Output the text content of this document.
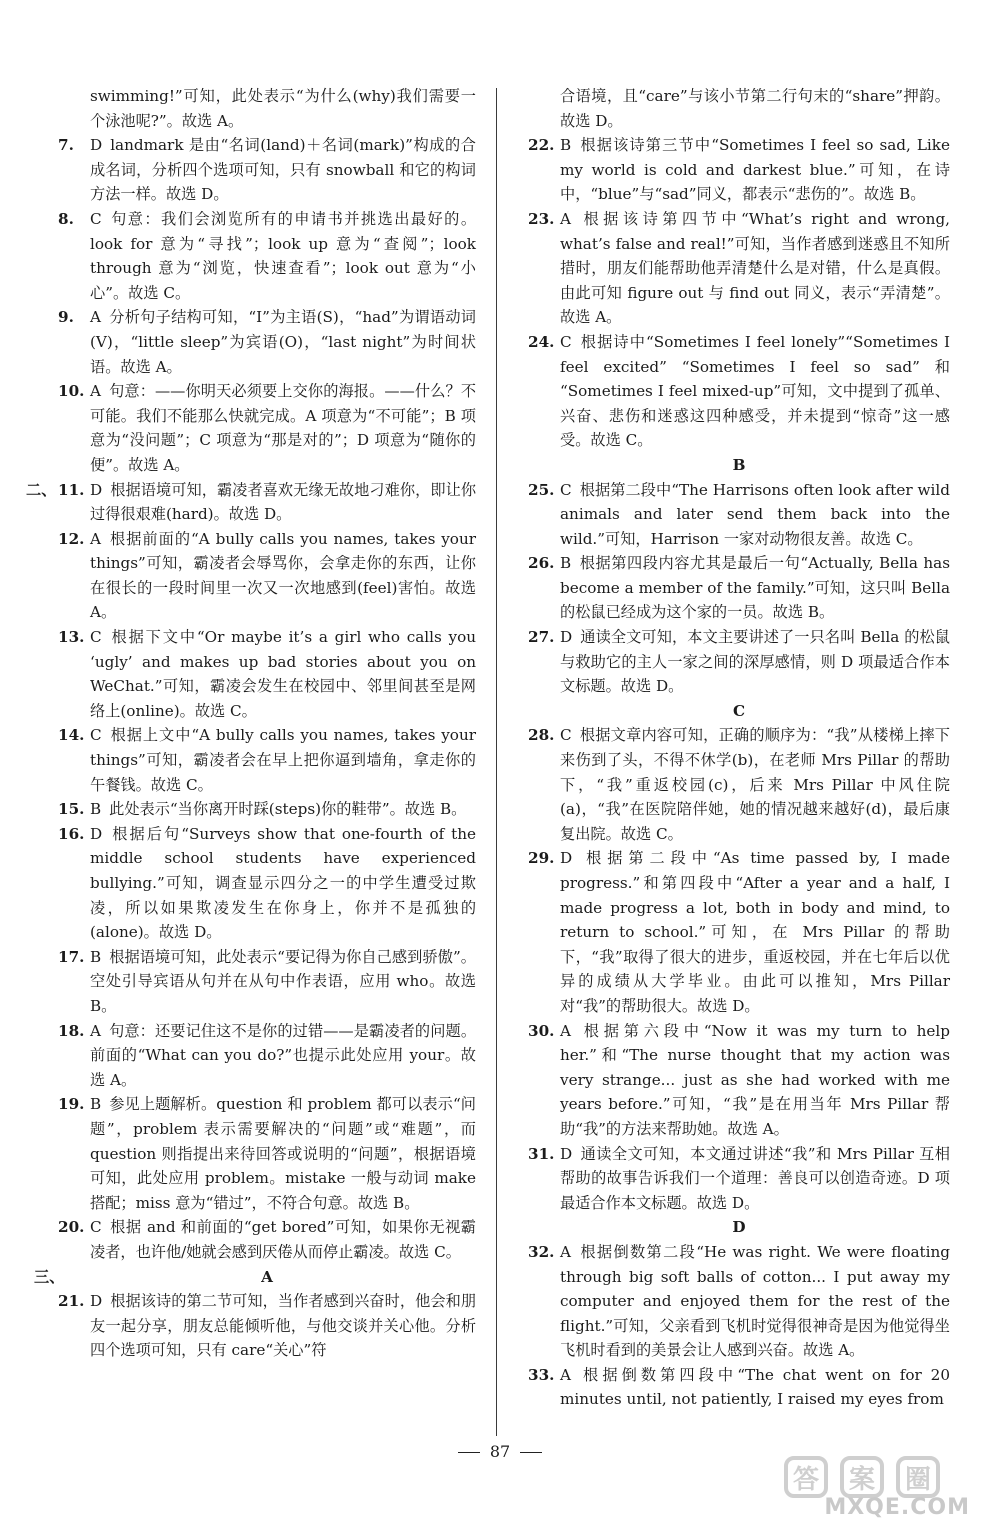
swimming!”可知，此处表示“为什么(why)我们需要一个泳池呢?”。故选 A。

7. D landmark 是由“名词(land)＋名词(mark)”构成的合成名词，分析四个选项可知，只有 snowball 和它的构词方法一样。故选 D。

8. C 句意：我们会浏览所有的申请书并挑选出最好的。look for 意为“寻找”；look up 意为“查阅”；look through 意为“浏览，快速查看”；look out 意为“小心”。故选 C。

9. A 分析句子结构可知，“I”为主语(S)，“had”为谓语动词(V)，“little sleep”为宾语(O)，“last night”为时间状语。故选 A。

10. A 句意：——你明天必须要上交你的海报。——什么？不可能。我们不能那么快就完成。A 项意为“不可能”；B 项意为“没问题”；C 项意为“那是对的”；D 项意为“随你的便”。故选 A。

二、 11. D 根据语境可知，霸凌者喜欢无缘无故地刁难你，即让你过得很艰难(hard)。故选 D。

12. A 根据前面的“A bully calls you names, takes your things”可知，霸凌者会辱骂你，会拿走你的东西，让你在很长的一段时间里一次又一次地感到(feel)害怕。故选 A。

13. C 根据下文中“Or maybe it’s a girl who calls you ‘ugly’ and makes up bad stories about you on WeChat.”可知，霸凌会发生在校园中、邻里间甚至是网络上(online)。故选 C。

14. C 根据上文中“A bully calls you names, takes your things”可知，霸凌者会在早上把你逼到墙角，拿走你的午餐钱。故选 C。

15. B 此处表示“当你离开时踩(steps)你的鞋带”。故选 B。

16. D 根据后句“Surveys show that one-fourth of the middle school students have experienced bullying.”可知，调查显示四分之一的中学生遭受过欺凌，所以如果欺凌发生在你身上，你并不是孤独的(alone)。故选 D。

17. B 根据语境可知，此处表示“要记得为你自己感到骄傲”。空处引导宾语从句并在从句中作表语，应用 who。故选 B。

18. A 句意：还要记住这不是你的过错——是霸凌者的问题。前面的“What can you do?”也提示此处应用 your。故选 A。

19. B 参见上题解析。question 和 problem 都可以表示“问题”，problem 表示需要解决的“问题”或“难题”，而 question 则指提出来待回答或说明的“问题”，根据语境可知，此处应用 problem。mistake 一般与动词 make 搭配；miss 意为“错过”，不符合句意。故选 B。

20. C 根据 and 和前面的“get bored”可知，如果你无视霸凌者，也许他/她就会感到厌倦从而停止霸凌。故选 C。

三、	A

21. D 根据该诗的第二节可知，当作者感到兴奋时，他会和朋友一起分享，朋友总能倾听他，与他交谈并关心他。分析四个选项可知，只有 care“关心”符

合语境，且“care”与该小节第二行句末的“share”押韵。故选 D。

22. B 根据该诗第三节中“Sometimes I feel so sad, Like my world is cold and darkest blue.”可知，在诗中，“blue”与“sad”同义，都表示“悲伤的”。故选 B。

23. A 根据该诗第四节中“What’s right and wrong, what’s false and real!”可知，当作者感到迷惑且不知所措时，朋友们能帮助他弄清楚什么是对错，什么是真假。由此可知 figure out 与 find out 同义，表示“弄清楚”。故选 A。

24. C 根据诗中“Sometimes I feel lonely”“Sometimes I feel excited” “Sometimes I feel so sad” 和 “Sometimes I feel mixed-up”可知，文中提到了孤单、兴奋、悲伤和迷惑这四种感受，并未提到“惊奇”这一感受。故选 C。

B

25. C 根据第二段中“The Harrisons often look after wild animals and later send them back into the wild.”可知，Harrison 一家对动物很友善。故选 C。

26. B 根据第四段内容尤其是最后一句“Actually, Bella has become a member of the family.”可知，这只叫 Bella 的松鼠已经成为这个家的一员。故选 B。

27. D 通读全文可知，本文主要讲述了一只名叫 Bella 的松鼠与救助它的主人一家之间的深厚感情，则 D 项最适合作本文标题。故选 D。

C

28. C 根据文章内容可知，正确的顺序为：“我”从楼梯上摔下来伤到了头，不得不休学(b)，在老师 Mrs Pillar 的帮助下，“我”重返校园(c)，后来 Mrs Pillar 中风住院(a)，“我”在医院陪伴她，她的情况越来越好(d)，最后康复出院。故选 C。

29. D 根据第二段中“As time passed by, I made progress.”和第四段中“After a year and a half, I made progress a lot, both in body and mind, to return to school.”可知，在 Mrs Pillar 的帮助下，“我”取得了很大的进步，重返校园，并在七年后以优异的成绩从大学毕业。由此可以推知，Mrs Pillar 对“我”的帮助很大。故选 D。

30. A 根据第六段中“Now it was my turn to help her.”和“The nurse thought that my action was very strange... just as she had worked with me years before.”可知，“我”是在用当年 Mrs Pillar 帮助“我”的方法来帮助她。故选 A。

31. D 通读全文可知，本文通过讲述“我”和 Mrs Pillar 互相帮助的故事告诉我们一个道理：善良可以创造奇迹。D 项最适合作本文标题。故选 D。

D

32. A 根据倒数第二段“He was right. We were floating through big soft balls of cotton... I put away my computer and enjoyed them for the rest of the flight.”可知，父亲看到飞机时觉得很神奇是因为他觉得坐飞机时看到的美景会让人感到兴奋。故选 A。

33. A 根据倒数第四段中“The chat went on for 20 minutes until, not patiently, I raised my eyes from

87
答 案 圈
MXQE.COM
